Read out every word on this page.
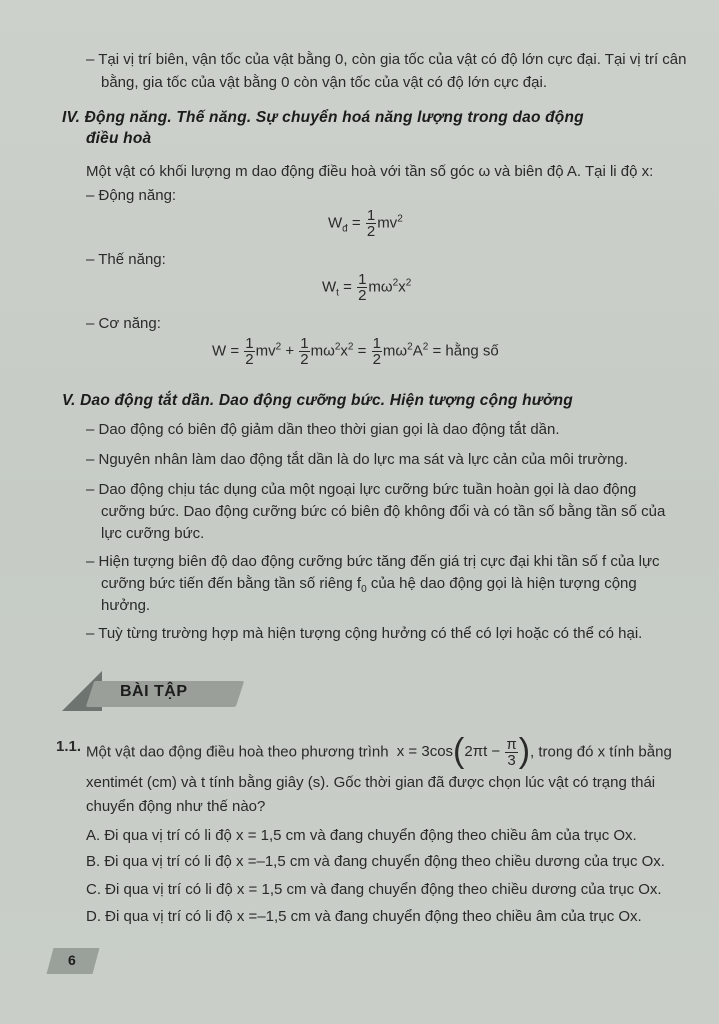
– Tại vị trí biên, vận tốc của vật bằng 0, còn gia tốc của vật có độ lớn cực đại. Tại vị trí cân
bằng, gia tốc của vật bằng 0 còn vận tốc của vật có độ lớn cực đại.
IV. Động năng. Thế năng. Sự chuyển hoá năng lượng trong dao động
điều hoà
Một vật có khối lượng m dao động điều hoà với tần số góc ω và biên độ A. Tại li độ x:
– Động năng:
$W_đ = \frac{1}{2} mv^2$
– Thế năng:
$W_t = \frac{1}{2} m\omega^2x^2$
– Cơ năng:
$W = \frac{1}{2} mv^2 + \frac{1}{2} m\omega^2x^2 = \frac{1}{2} m\omega^2A^2$ = hằng số
V. Dao động tắt dần. Dao động cưỡng bức. Hiện tượng cộng hưởng
– Dao động có biên độ giảm dần theo thời gian gọi là dao động tắt dần.
– Nguyên nhân làm dao động tắt dần là do lực ma sát và lực cản của môi trường.
– Dao động chịu tác dụng của một ngoại lực cưỡng bức tuần hoàn gọi là dao động
cưỡng bức. Dao động cưỡng bức có biên độ không đổi và có tần số bằng tần số của
lực cưỡng bức.
– Hiện tượng biên độ dao động cưỡng bức tăng đến giá trị cực đại khi tần số f của lực
cưỡng bức tiến đến bằng tần số riêng $f_0$ của hệ dao động gọi là hiện tượng cộng
hưởng.
– Tuỳ từng trường hợp mà hiện tượng cộng hưởng có thể có lợi hoặc có thể có hại.
BÀI TẬP
1.1. Một vật dao động điều hoà theo phương trình $x = 3\cos(2\pi t - \frac{\pi}{3}$ ), trong đó x tính bằng
xentimét (cm) và t tính bằng giây (s). Gốc thời gian đã được chọn lúc vật có trạng thái
chuyển động như thế nào?
A. Đi qua vị trí có li độ x = 1,5 cm và đang chuyển động theo chiều âm của trục Ox.
B. Đi qua vị trí có li độ x =–1,5 cm và đang chuyển động theo chiều dương của trục Ox.
C. Đi qua vị trí có li độ x = 1,5 cm và đang chuyển động theo chiều dương của trục Ox.
D. Đi qua vị trí có li độ x =–1,5 cm và đang chuyển động theo chiều âm của trục Ox.
6
